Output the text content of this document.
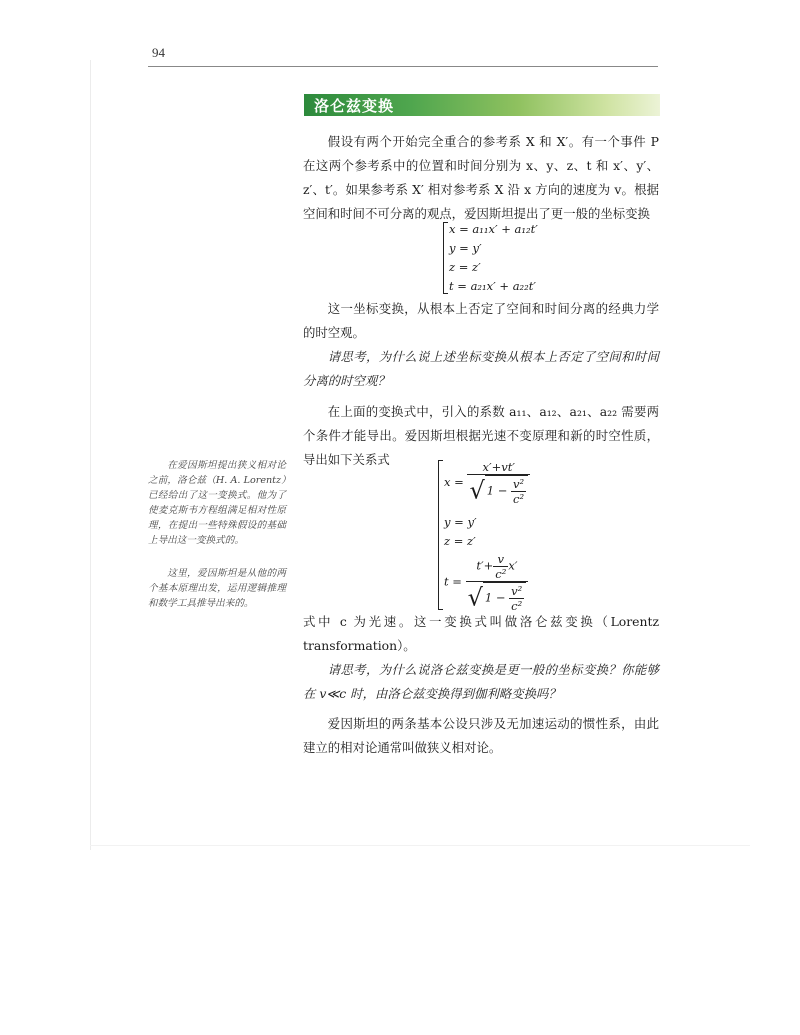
94
洛仑兹变换

假设有两个开始完全重合的参考系 X 和 X′。有一个事件 P 在这两个参考系中的位置和时间分别为 x、y、z、t 和 x′、y′、z′、t′。如果参考系 X′ 相对参考系 X 沿 x 方向的速度为 v。根据空间和时间不可分离的观点，爱因斯坦提出了更一般的坐标变换

x = a₁₁x′ + a₁₂t′
y = y′
z = z′
t = a₂₁x′ + a₂₂t′

这一坐标变换，从根本上否定了空间和时间分离的经典力学的时空观。

请思考，为什么说上述坐标变换从根本上否定了空间和时间分离的时空观？

在上面的变换式中，引入的系数 a₁₁、a₁₂、a₂₁、a₂₂ 需要两个条件才能导出。爱因斯坦根据光速不变原理和新的时空性质，导出如下关系式

$x = \frac{x'+vt'}{√ 1 - \frac{\text{v²}}{\text{c²}}}$
y = y′
z = z′
$t = \frac{t'+ \frac{v}{\text{c²}} x'}{√ 1 - \frac{\text{v²}}{\text{c²}}}$

式中 c 为光速。这一变换式叫做洛仑兹变换（Lorentz transformation）。

请思考，为什么说洛仑兹变换是更一般的坐标变换？你能够在 v≪c 时，由洛仑兹变换得到伽利略变换吗？

爱因斯坦的两条基本公设只涉及无加速运动的惯性系，由此建立的相对论通常叫做狭义相对论。

在爱因斯坦提出狭义相对论之前，洛仑兹（H. A. Lorentz）已经给出了这一变换式。他为了使麦克斯韦方程组满足相对性原理，在提出一些特殊假设的基础上导出这一变换式的。

这里，爱因斯坦是从他的两个基本原理出发，运用逻辑推理和数学工具推导出来的。
